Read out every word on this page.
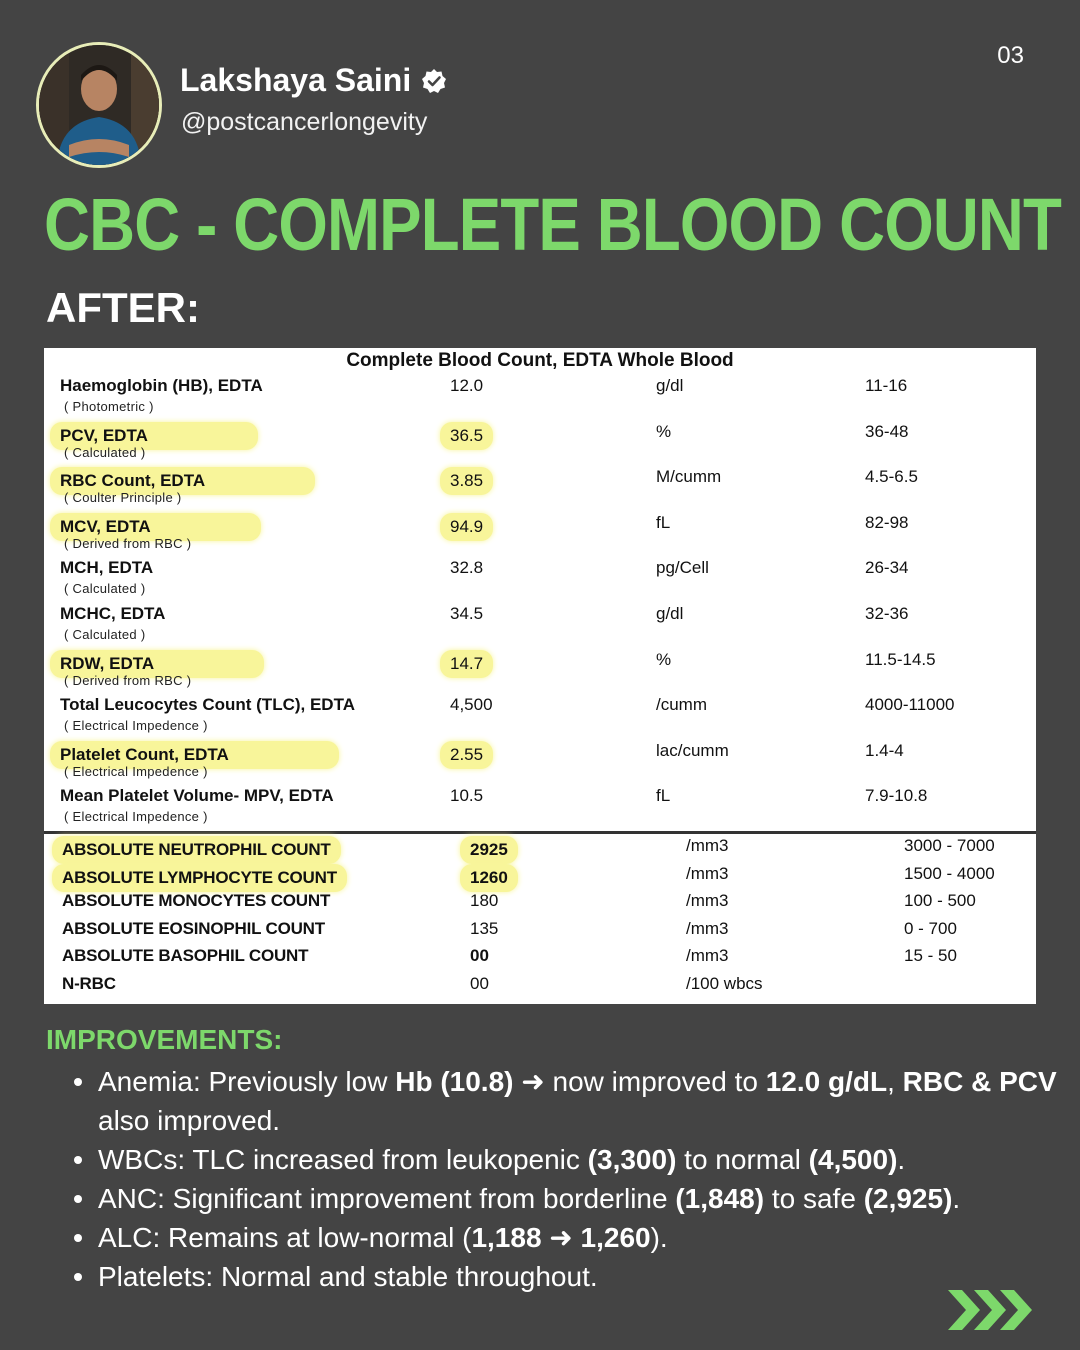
Lakshaya Saini
@postcancerlongevity
03
CBC - COMPLETE BLOOD COUNT
AFTER:
Complete Blood Count, EDTA Whole Blood
Haemoglobin (HB), EDTA
( Photometric )
12.0	g/dl	11-16
PCV, EDTA
( Calculated )
36.5	%	36-48
RBC Count, EDTA
( Coulter Principle )
3.85	M/cumm	4.5-6.5
MCV, EDTA
( Derived from RBC )
94.9	fL	82-98
MCH, EDTA
( Calculated )
32.8	pg/Cell	26-34
MCHC, EDTA
( Calculated )
34.5	g/dl	32-36
RDW, EDTA
( Derived from RBC )
14.7	%	11.5-14.5
Total Leucocytes Count (TLC), EDTA
( Electrical Impedence )
4,500	/cumm	4000-11000
Platelet Count, EDTA
( Electrical Impedence )
2.55	lac/cumm	1.4-4
Mean Platelet Volume- MPV, EDTA
( Electrical Impedence )
10.5	fL	7.9-10.8
ABSOLUTE NEUTROPHIL COUNT	2925	/mm3	3000 - 7000
ABSOLUTE LYMPHOCYTE COUNT	1260	/mm3	1500 - 4000
ABSOLUTE MONOCYTES COUNT	180	/mm3	100 - 500
ABSOLUTE EOSINOPHIL COUNT	135	/mm3	0 - 700
ABSOLUTE BASOPHIL COUNT	00	/mm3	15 - 50
N-RBC	00	/100 wbcs
IMPROVEMENTS:
Anemia: Previously low Hb (10.8) ➜ now improved to 12.0 g/dL, RBC & PCV also improved.
WBCs: TLC increased from leukopenic (3,300) to normal (4,500).
ANC: Significant improvement from borderline (1,848) to safe (2,925).
ALC: Remains at low-normal (1,188 ➜ 1,260).
Platelets: Normal and stable throughout.
